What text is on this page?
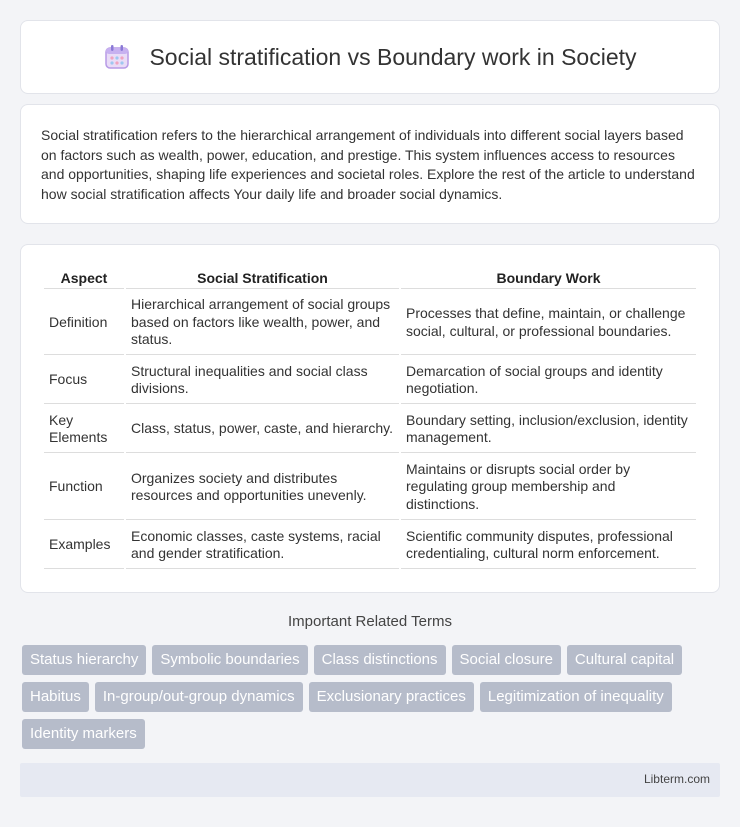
Social stratification vs Boundary work in Society

Social stratification refers to the hierarchical arrangement of individuals into different social layers based on factors such as wealth, power, education, and prestige. This system influences access to resources and opportunities, shaping life experiences and societal roles. Explore the rest of the article to understand how social stratification affects Your daily life and broader social dynamics.

Aspect	Social Stratification	Boundary Work
Definition	Hierarchical arrangement of social groups based on factors like wealth, power, and status.	Processes that define, maintain, or challenge social, cultural, or professional boundaries.
Focus	Structural inequalities and social class divisions.	Demarcation of social groups and identity negotiation.
Key Elements	Class, status, power, caste, and hierarchy.	Boundary setting, inclusion/exclusion, identity management.
Function	Organizes society and distributes resources and opportunities unevenly.	Maintains or disrupts social order by regulating group membership and distinctions.
Examples	Economic classes, caste systems, racial and gender stratification.	Scientific community disputes, professional credentialing, cultural norm enforcement.
Important Related Terms
Status hierarchy	Symbolic boundaries	Class distinctions	Social closure	Cultural capital
Habitus	In-group/out-group dynamics	Exclusionary practices	Legitimization of inequality
Identity markers
Libterm.com
